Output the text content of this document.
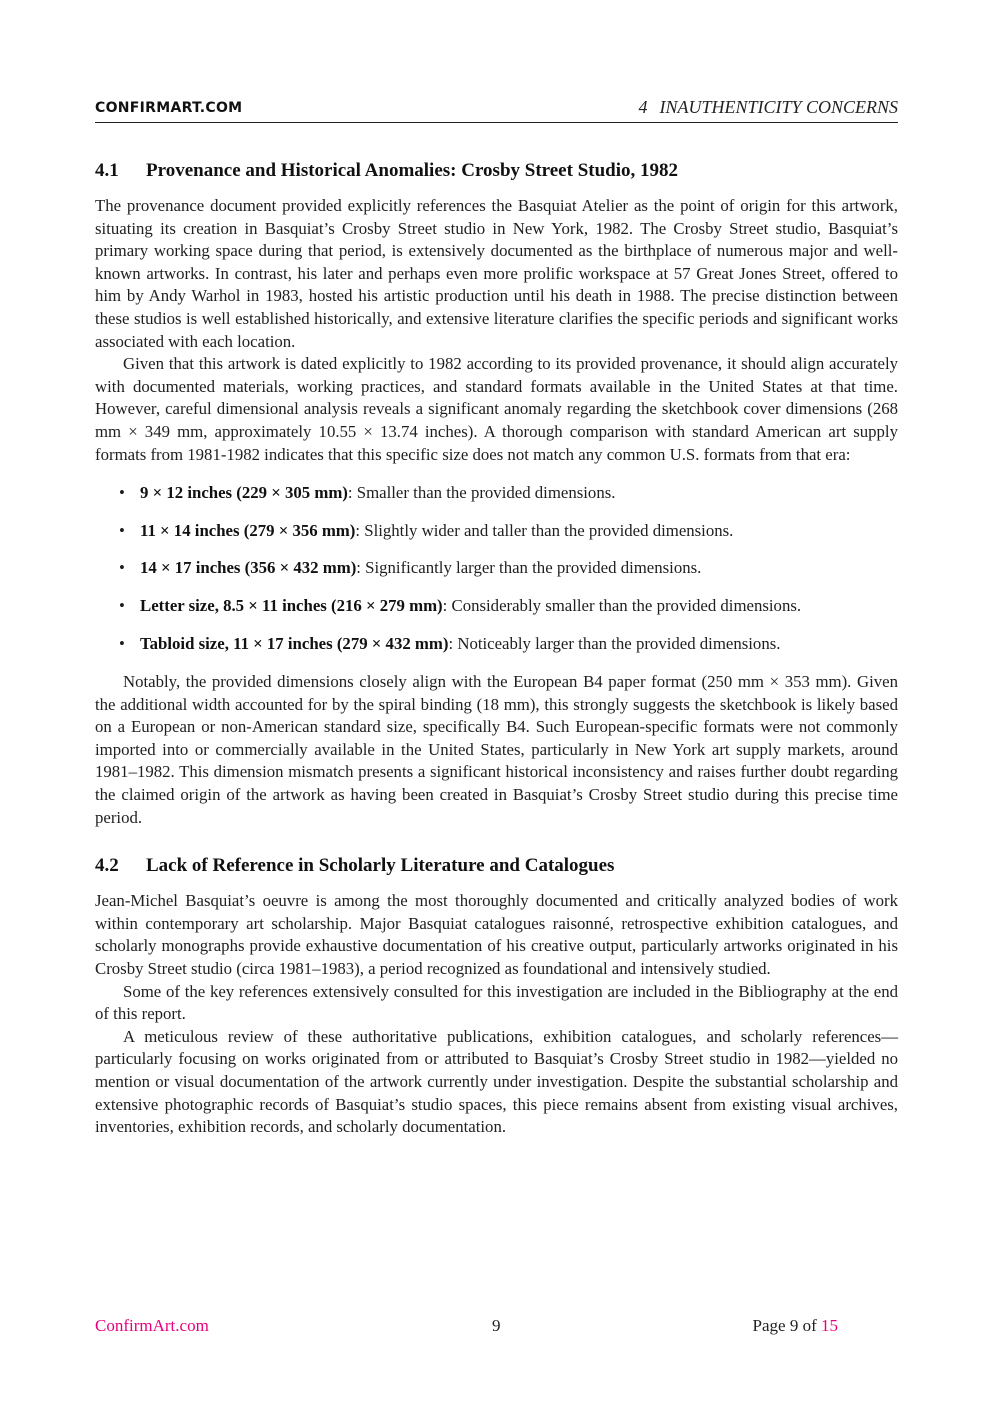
CONFIRMART.COM	4 INAUTHENTICITY CONCERNS
4.1 Provenance and Historical Anomalies: Crosby Street Studio, 1982

The provenance document provided explicitly references the Basquiat Atelier as the point of origin for this artwork, situating its creation in Basquiat’s Crosby Street studio in New York, 1982. The Crosby Street studio, Basquiat’s primary working space during that period, is extensively documented as the birthplace of numerous major and well-known artworks. In contrast, his later and perhaps even more prolific workspace at 57 Great Jones Street, offered to him by Andy Warhol in 1983, hosted his artistic production until his death in 1988. The precise distinction between these studios is well established historically, and extensive literature clarifies the specific periods and significant works associated with each location.

Given that this artwork is dated explicitly to 1982 according to its provided provenance, it should align accurately with documented materials, working practices, and standard formats available in the United States at that time. However, careful dimensional analysis reveals a significant anomaly regarding the sketchbook cover dimensions (268 mm × 349 mm, approximately 10.55 × 13.74 inches). A thorough comparison with standard American art supply formats from 1981-1982 indicates that this specific size does not match any common U.S. formats from that era:

• 9 × 12 inches (229 × 305 mm): Smaller than the provided dimensions.
• 11 × 14 inches (279 × 356 mm): Slightly wider and taller than the provided dimensions.
• 14 × 17 inches (356 × 432 mm): Significantly larger than the provided dimensions.
• Letter size, 8.5 × 11 inches (216 × 279 mm): Considerably smaller than the provided dimensions.
• Tabloid size, 11 × 17 inches (279 × 432 mm): Noticeably larger than the provided dimensions.

Notably, the provided dimensions closely align with the European B4 paper format (250 mm × 353 mm). Given the additional width accounted for by the spiral binding (18 mm), this strongly suggests the sketchbook is likely based on a European or non-American standard size, specifically B4. Such European-specific formats were not commonly imported into or commercially available in the United States, particularly in New York art supply markets, around 1981–1982. This dimension mismatch presents a significant historical inconsistency and raises further doubt regarding the claimed origin of the artwork as having been created in Basquiat’s Crosby Street studio during this precise time period.

4.2 Lack of Reference in Scholarly Literature and Catalogues

Jean-Michel Basquiat’s oeuvre is among the most thoroughly documented and critically analyzed bodies of work within contemporary art scholarship. Major Basquiat catalogues raisonné, retrospective exhibition catalogues, and scholarly monographs provide exhaustive documentation of his creative output, particularly artworks originated in his Crosby Street studio (circa 1981–1983), a period recognized as foundational and intensively studied.

Some of the key references extensively consulted for this investigation are included in the Bibliography at the end of this report.

A meticulous review of these authoritative publications, exhibition catalogues, and scholarly references—particularly focusing on works originated from or attributed to Basquiat’s Crosby Street studio in 1982—yielded no mention or visual documentation of the artwork currently under investigation. Despite the substantial scholarship and extensive photographic records of Basquiat’s studio spaces, this piece remains absent from existing visual archives, inventories, exhibition records, and scholarly documentation.

ConfirmArt.com	9	Page 9 of 15
